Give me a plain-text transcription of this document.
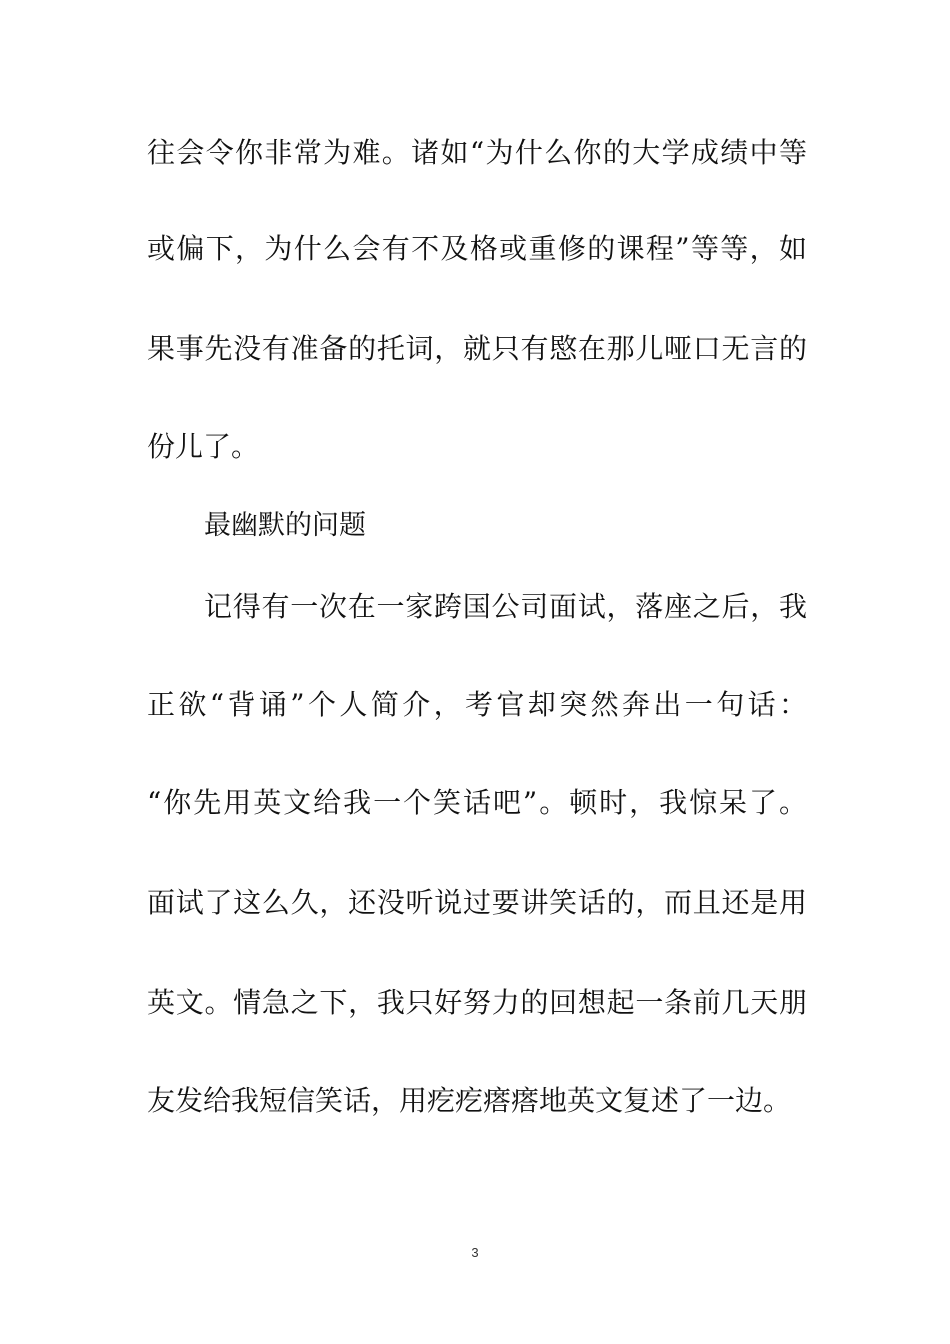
往会令你非常为难。诸如“为什么你的大学成绩中等

或偏下，为什么会有不及格或重修的课程”等等，如

果事先没有准备的托词，就只有愍在那儿哑口无言的

份儿了。

最幽默的问题

记得有一次在一家跨国公司面试，落座之后，我

正欲“背诵”个人简介，考官却突然奔出一句话：

“你先用英文给我一个笑话吧”。顿时，我惊呆了。

面试了这么久，还没听说过要讲笑话的，而且还是用

英文。情急之下，我只好努力的回想起一条前几天朋

友发给我短信笑话，用疙疙瘩瘩地英文复述了一边。

3
